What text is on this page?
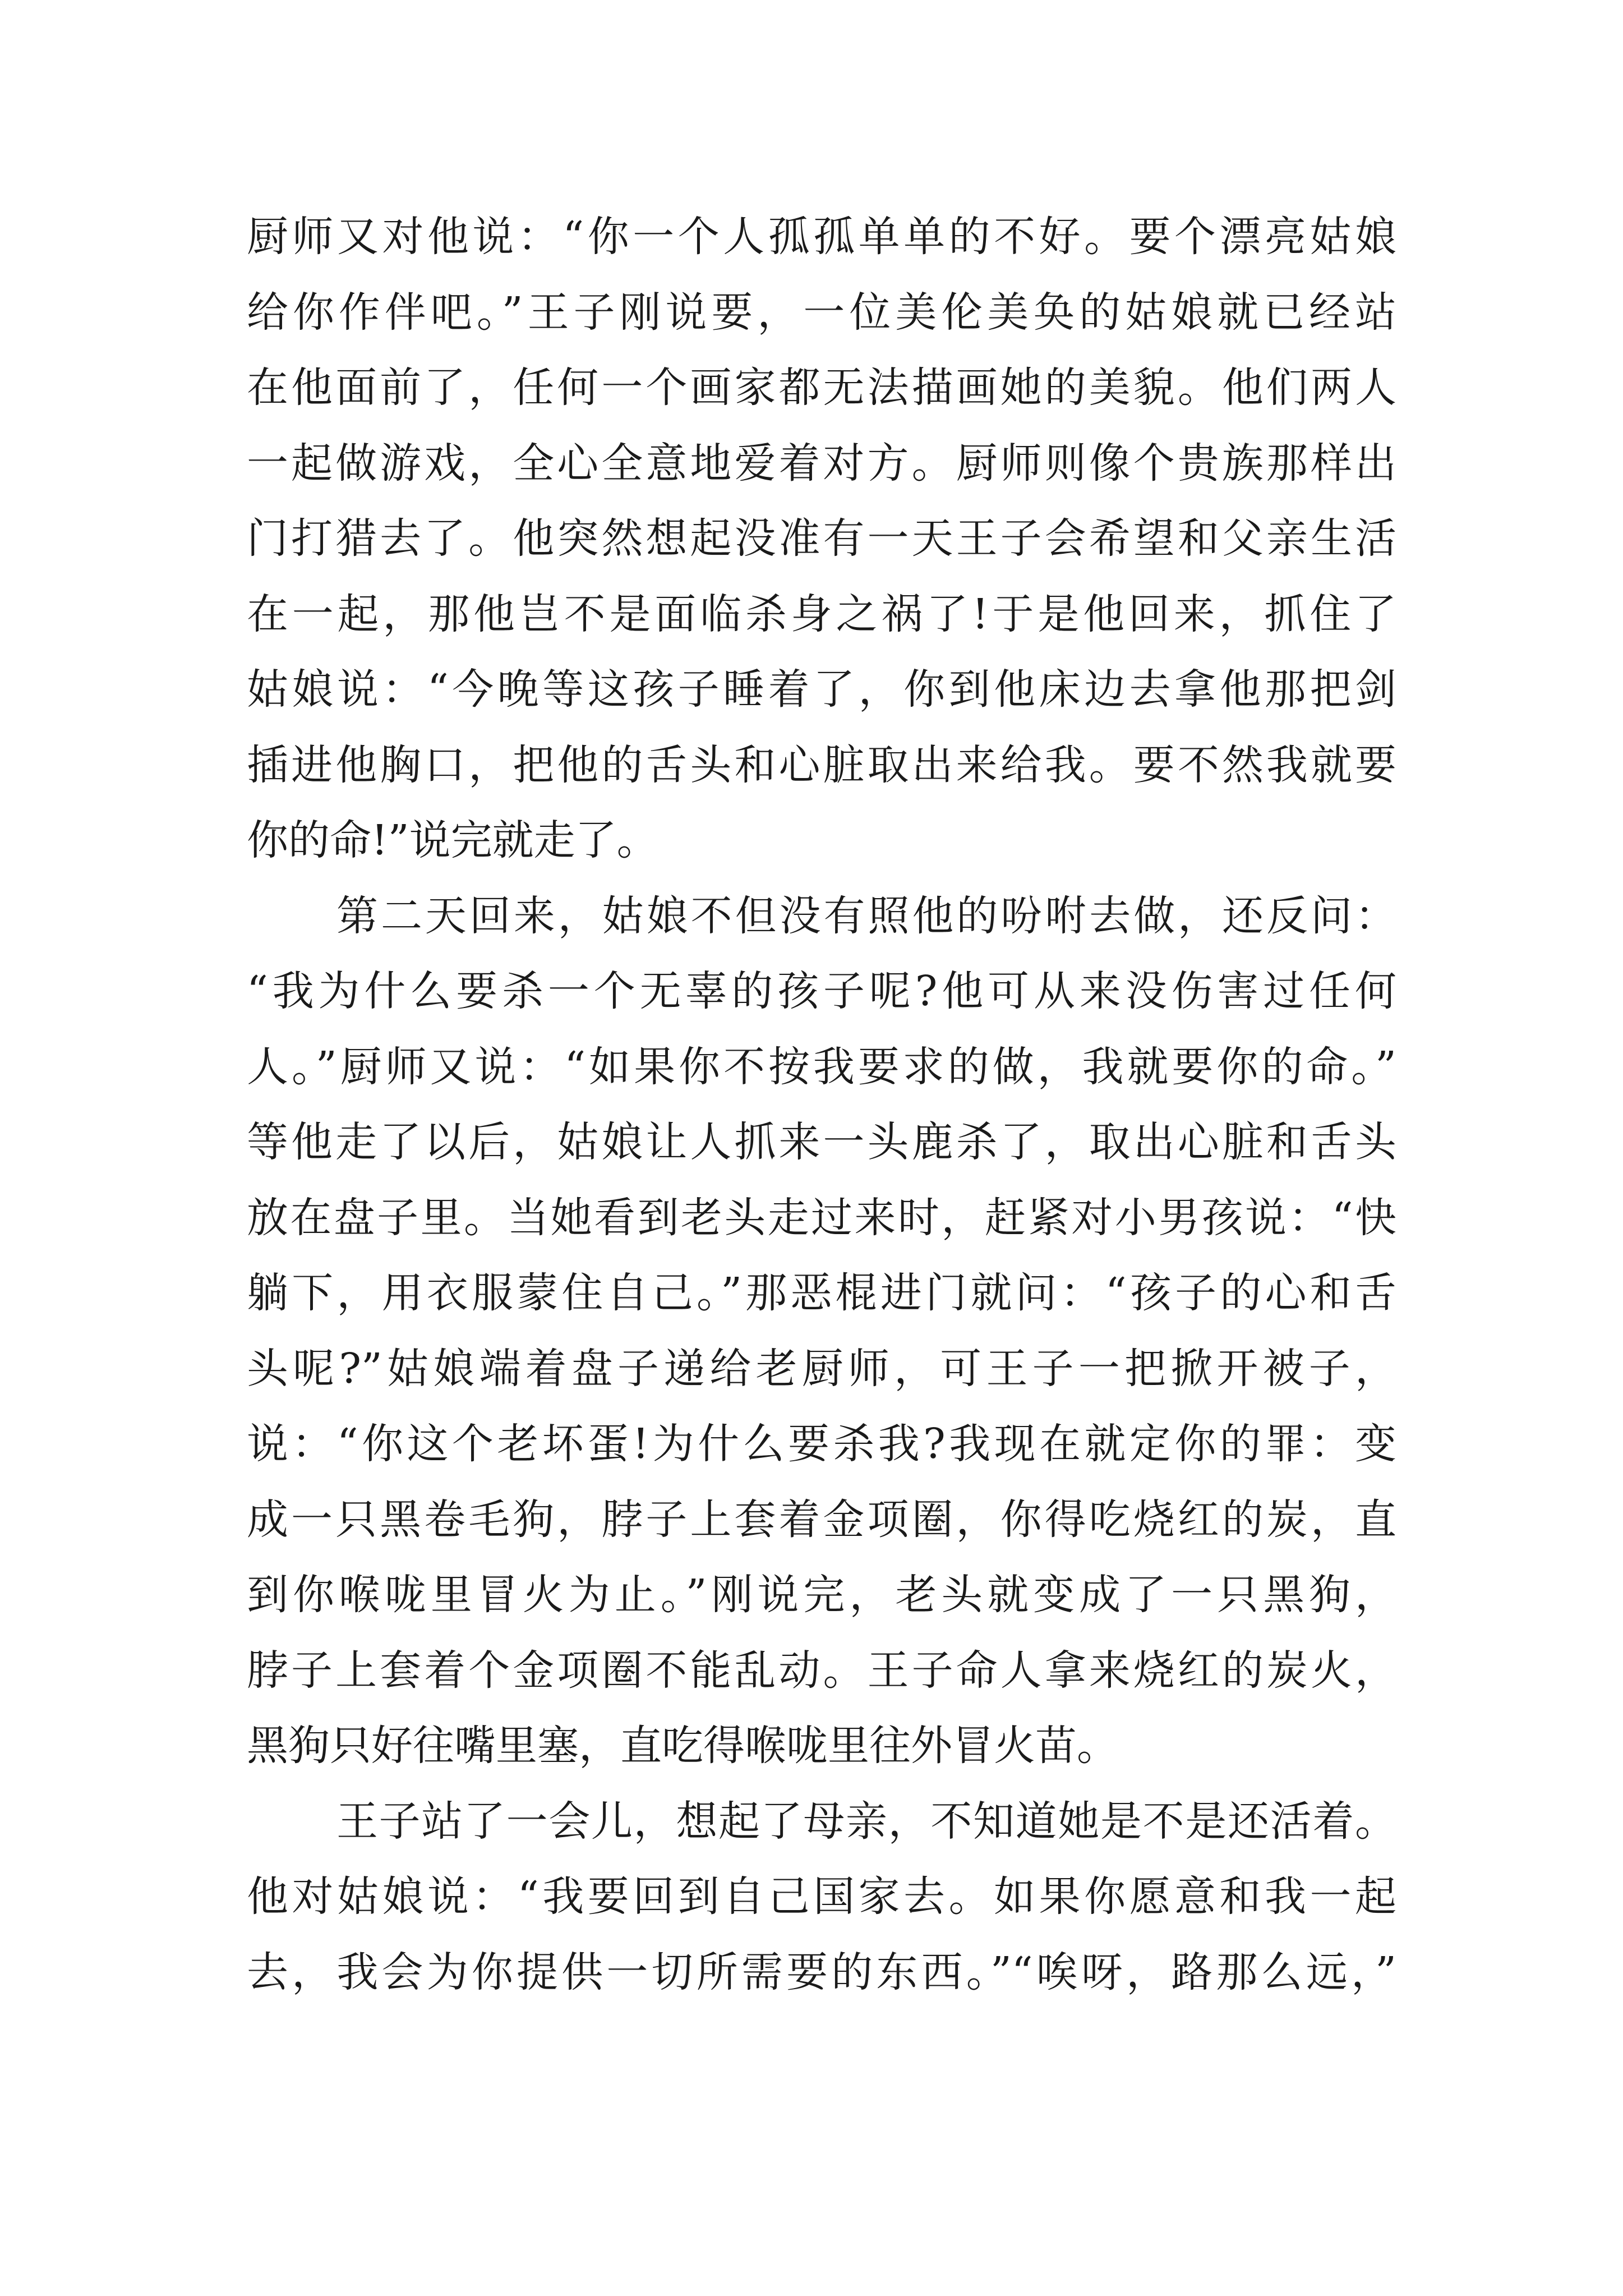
厨师又对他说：“你一个人孤孤单单的不好。要个漂亮姑娘
给你作伴吧。”王子刚说要，一位美伦美奂的姑娘就已经站
在他面前了，任何一个画家都无法描画她的美貌。他们两人
一起做游戏，全心全意地爱着对方。厨师则像个贵族那样出
门打猎去了。他突然想起没准有一天王子会希望和父亲生活
在一起，那他岂不是面临杀身之祸了!于是他回来，抓住了
姑娘说：“今晚等这孩子睡着了，你到他床边去拿他那把剑
插进他胸口，把他的舌头和心脏取出来给我。要不然我就要
你的命!”说完就走了。
第二天回来，姑娘不但没有照他的吩咐去做，还反问：
“我为什么要杀一个无辜的孩子呢?他可从来没伤害过任何
人。”厨师又说：“如果你不按我要求的做，我就要你的命。”
等他走了以后，姑娘让人抓来一头鹿杀了，取出心脏和舌头
放在盘子里。当她看到老头走过来时，赶紧对小男孩说：“快
躺下，用衣服蒙住自己。”那恶棍进门就问：“孩子的心和舌
头呢?”姑娘端着盘子递给老厨师，可王子一把掀开被子，
说：“你这个老坏蛋!为什么要杀我?我现在就定你的罪：变
成一只黑卷毛狗，脖子上套着金项圈，你得吃烧红的炭，直
到你喉咙里冒火为止。”刚说完，老头就变成了一只黑狗，
脖子上套着个金项圈不能乱动。王子命人拿来烧红的炭火，
黑狗只好往嘴里塞，直吃得喉咙里往外冒火苗。
王子站了一会儿，想起了母亲，不知道她是不是还活着。
他对姑娘说：“我要回到自己国家去。如果你愿意和我一起
去，我会为你提供一切所需要的东西。”“唉呀，路那么远，”
